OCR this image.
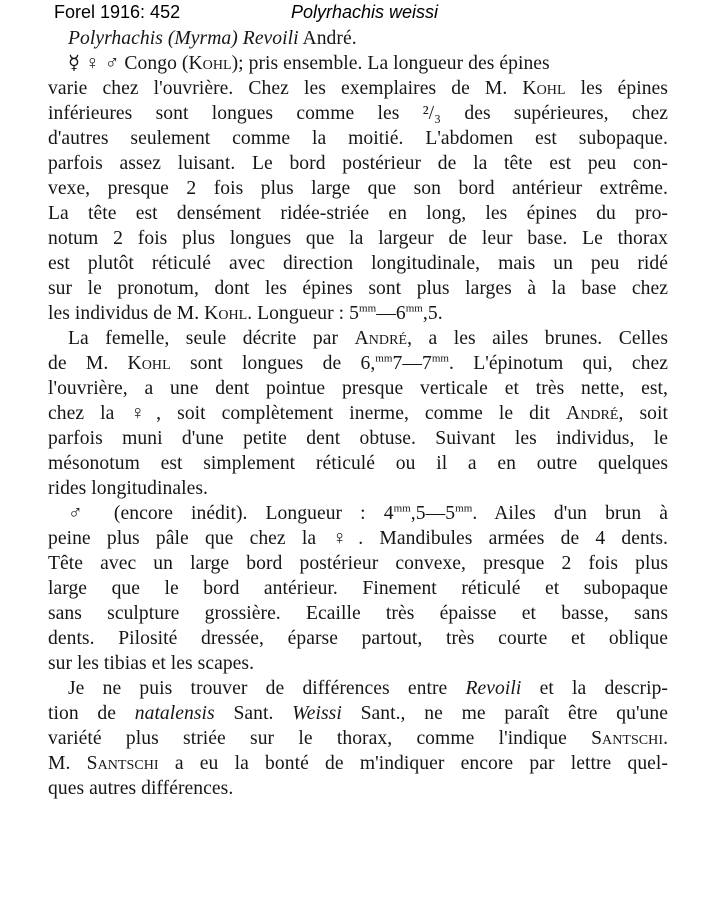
Forel 1916: 452	Polyrhachis weissi
Polyrhachis (Myrma) Revoili André.
☿ ♀ ♂ Congo (Kohl); pris ensemble. La longueur des épines
varie chez l'ouvrière. Chez les exemplaires de M. Kohl les épines
inférieures sont longues comme les ²/₃ des supérieures, chez
d'autres seulement comme la moitié. L'abdomen est subopaque.
parfois assez luisant. Le bord postérieur de la tête est peu con-
vexe, presque 2 fois plus large que son bord antérieur extrême.
La tête est densément ridée-striée en long, les épines du pro-
notum 2 fois plus longues que la largeur de leur base. Le thorax
est plutôt réticulé avec direction longitudinale, mais un peu ridé
sur le pronotum, dont les épines sont plus larges à la base chez
les individus de M. Kohl. Longueur : $5^{mm}—6^{mm},5$.
La femelle, seule décrite par André, a les ailes brunes. Celles
de M. Kohl sont longues de $6,^{mm}7—7^{mm}$. L'épinotum qui, chez
l'ouvrière, a une dent pointue presque verticale et très nette, est,
chez la ♀, soit complètement inerme, comme le dit André, soit
parfois muni d'une petite dent obtuse. Suivant les individus, le
mésonotum est simplement réticulé ou il a en outre quelques
rides longitudinales.
♂ (encore inédit). Longueur : $4^{mm},5—5^{mm}$. Ailes d'un brun à
peine plus pâle que chez la ♀. Mandibules armées de 4 dents.
Tête avec un large bord postérieur convexe, presque 2 fois plus
large que le bord antérieur. Finement réticulé et subopaque
sans sculpture grossière. Ecaille très épaisse et basse, sans
dents. Pilosité dressée, éparse partout, très courte et oblique
sur les tibias et les scapes.
Je ne puis trouver de différences entre Revoili et la descrip-
tion de natalensis Sant. Weissi Sant., ne me paraît être qu'une
variété plus striée sur le thorax, comme l'indique Santschi.
M. Santschi a eu la bonté de m'indiquer encore par lettre quel-
ques autres différences.
